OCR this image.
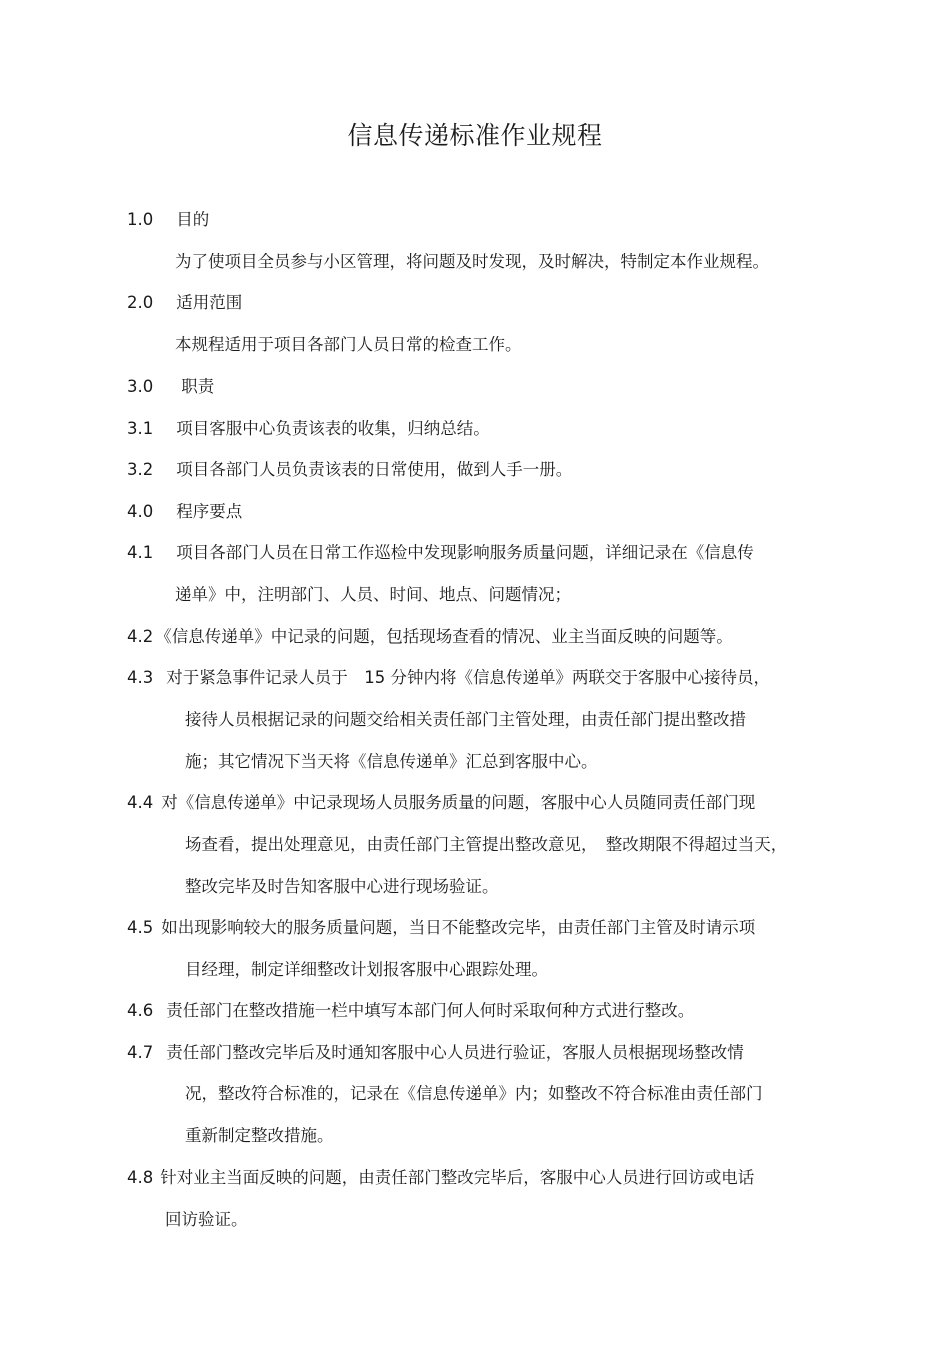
信息传递标准作业规程
1.0 目的
为了使项目全员参与小区管理，将问题及时发现，及时解决，特制定本作业规程。
2.0 适用范围
本规程适用于项目各部门人员日常的检查工作。
3.0 职责
3.1 项目客服中心负责该表的收集，归纳总结。
3.2 项目各部门人员负责该表的日常使用，做到人手一册。
4.0 程序要点
4.1 项目各部门人员在日常工作巡检中发现影响服务质量问题，详细记录在《信息传
递单》中，注明部门、人员、时间、地点、问题情况；
4.2 《信息传递单》中记录的问题，包括现场查看的情况、业主当面反映的问题等。
4.3 对于紧急事件记录人员于　15 分钟内将《信息传递单》两联交于客服中心接待员，
接待人员根据记录的问题交给相关责任部门主管处理，由责任部门提出整改措
施；其它情况下当天将《信息传递单》汇总到客服中心。
4.4 对《信息传递单》中记录现场人员服务质量的问题，客服中心人员随同责任部门现
场查看，提出处理意见，由责任部门主管提出整改意见，　整改期限不得超过当天，
整改完毕及时告知客服中心进行现场验证。
4.5 如出现影响较大的服务质量问题，当日不能整改完毕，由责任部门主管及时请示项
目经理，制定详细整改计划报客服中心跟踪处理。
4.6 责任部门在整改措施一栏中填写本部门何人何时采取何种方式进行整改。
4.7 责任部门整改完毕后及时通知客服中心人员进行验证，客服人员根据现场整改情
况，整改符合标准的，记录在《信息传递单》内；如整改不符合标准由责任部门
重新制定整改措施。
4.8 针对业主当面反映的问题，由责任部门整改完毕后，客服中心人员进行回访或电话
回访验证。
